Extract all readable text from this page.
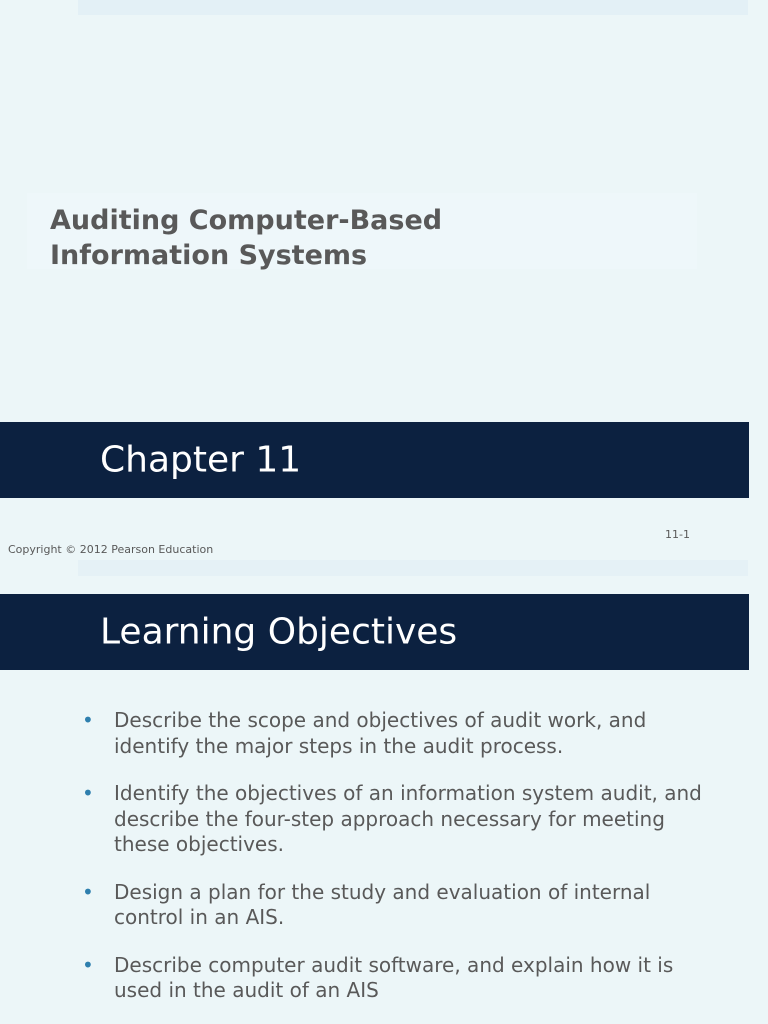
Auditing Computer-Based
Information Systems
Chapter 11
11-1
Copyright © 2012 Pearson Education
Learning Objectives
• Describe the scope and objectives of audit work, and identify the major steps in the audit process.
• Identify the objectives of an information system audit, and describe the four-step approach necessary for meeting these objectives.
• Design a plan for the study and evaluation of internal control in an AIS.
• Describe computer audit software, and explain how it is used in the audit of an AIS
